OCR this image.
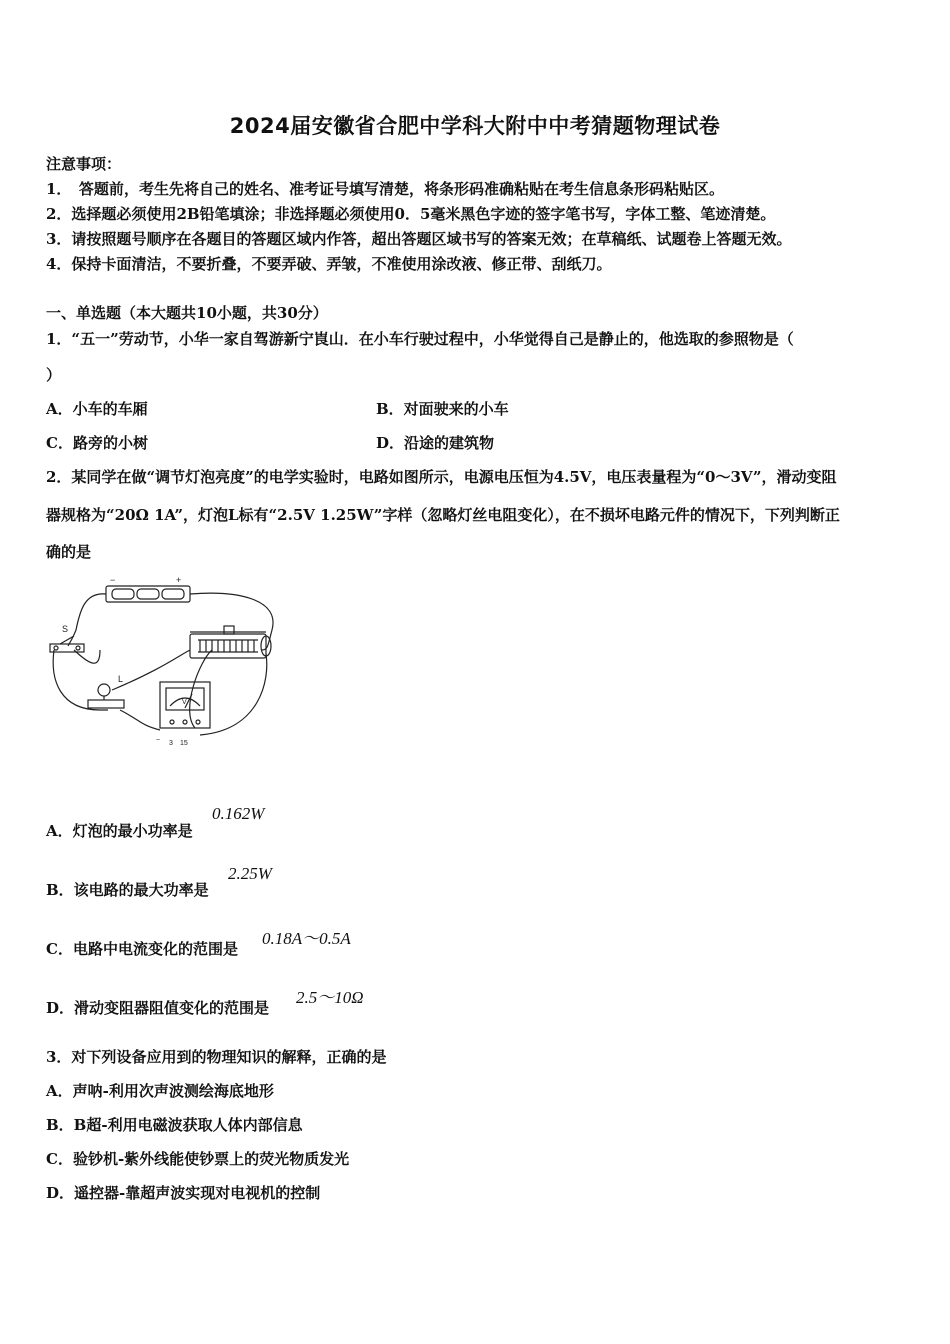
2024届安徽省合肥中学科大附中中考猜题物理试卷
注意事项：
1．　答题前，考生先将自己的姓名、准考证号填写清楚，将条形码准确粘贴在考生信息条形码粘贴区。
2．选择题必须使用2B铅笔填涂；非选择题必须使用0．5毫米黑色字迹的签字笔书写，字体工整、笔迹清楚。
3．请按照题号顺序在各题目的答题区域内作答，超出答题区域书写的答案无效；在草稿纸、试题卷上答题无效。
4．保持卡面清洁，不要折叠，不要弄破、弄皱，不准使用涂改液、修正带、刮纸刀。
一、单选题（本大题共10小题，共30分）
1．“五一”劳动节，小华一家自驾游新宁崀山．在小车行驶过程中，小华觉得自己是静止的，他选取的参照物是（
）
A．小车的车厢	B．对面驶来的小车
C．路旁的小树	D．沿途的建筑物
2．某同学在做“调节灯泡亮度”的电学实验时，电路如图所示，电源电压恒为4.5V，电压表量程为“0～3V”，滑动变阻
器规格为“20Ω 1A”，灯泡L标有“2.5V 1.25W”字样（忽略灯丝电阻变化），在不损坏电路元件的情况下，下列判断正
确的是
−	+
S
L
V
− 3 15
A．灯泡的最小功率是
0.162W
B．该电路的最大功率是
2.25W
C．电路中电流变化的范围是
0.18A～0.5A
D．滑动变阻器阻值变化的范围是
2.5～10Ω
3．对下列设备应用到的物理知识的解释，正确的是
A．声呐-利用次声波测绘海底地形
B．B超-利用电磁波获取人体内部信息
C．验钞机-紫外线能使钞票上的荧光物质发光
D．遥控器-靠超声波实现对电视机的控制
